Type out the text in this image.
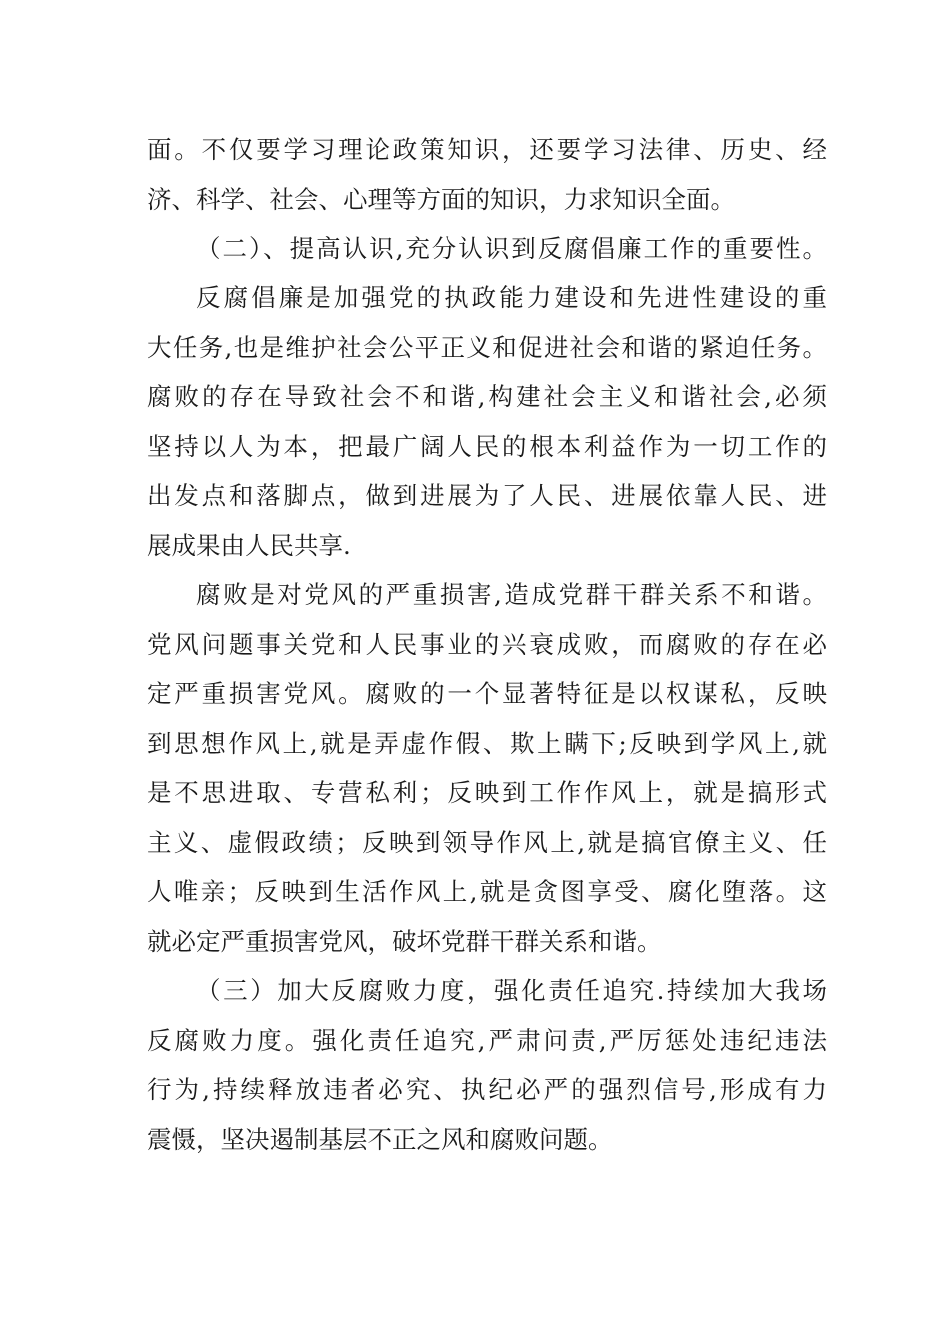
面。不仅要学习理论政策知识，还要学习法律、历史、经
济、科学、社会、心理等方面的知识，力求知识全面。
（二）、提高认识,充分认识到反腐倡廉工作的重要性。
反腐倡廉是加强党的执政能力建设和先进性建设的重
大任务,也是维护社会公平正义和促进社会和谐的紧迫任务。
腐败的存在导致社会不和谐,构建社会主义和谐社会,必须
坚持以人为本，把最广阔人民的根本利益作为一切工作的
出发点和落脚点，做到进展为了人民、进展依靠人民、进
展成果由人民共享.
腐败是对党风的严重损害,造成党群干群关系不和谐。
党风问题事关党和人民事业的兴衰成败，而腐败的存在必
定严重损害党风。腐败的一个显著特征是以权谋私，反映
到思想作风上,就是弄虚作假、欺上瞒下;反映到学风上,就
是不思进取、专营私利；反映到工作作风上，就是搞形式
主义、虚假政绩；反映到领导作风上,就是搞官僚主义、任
人唯亲；反映到生活作风上,就是贪图享受、腐化堕落。这
就必定严重损害党风，破坏党群干群关系和谐。
（三）加大反腐败力度，强化责任追究.持续加大我场
反腐败力度。强化责任追究,严肃问责,严厉惩处违纪违法
行为,持续释放违者必究、执纪必严的强烈信号,形成有力
震慑，坚决遏制基层不正之风和腐败问题。
